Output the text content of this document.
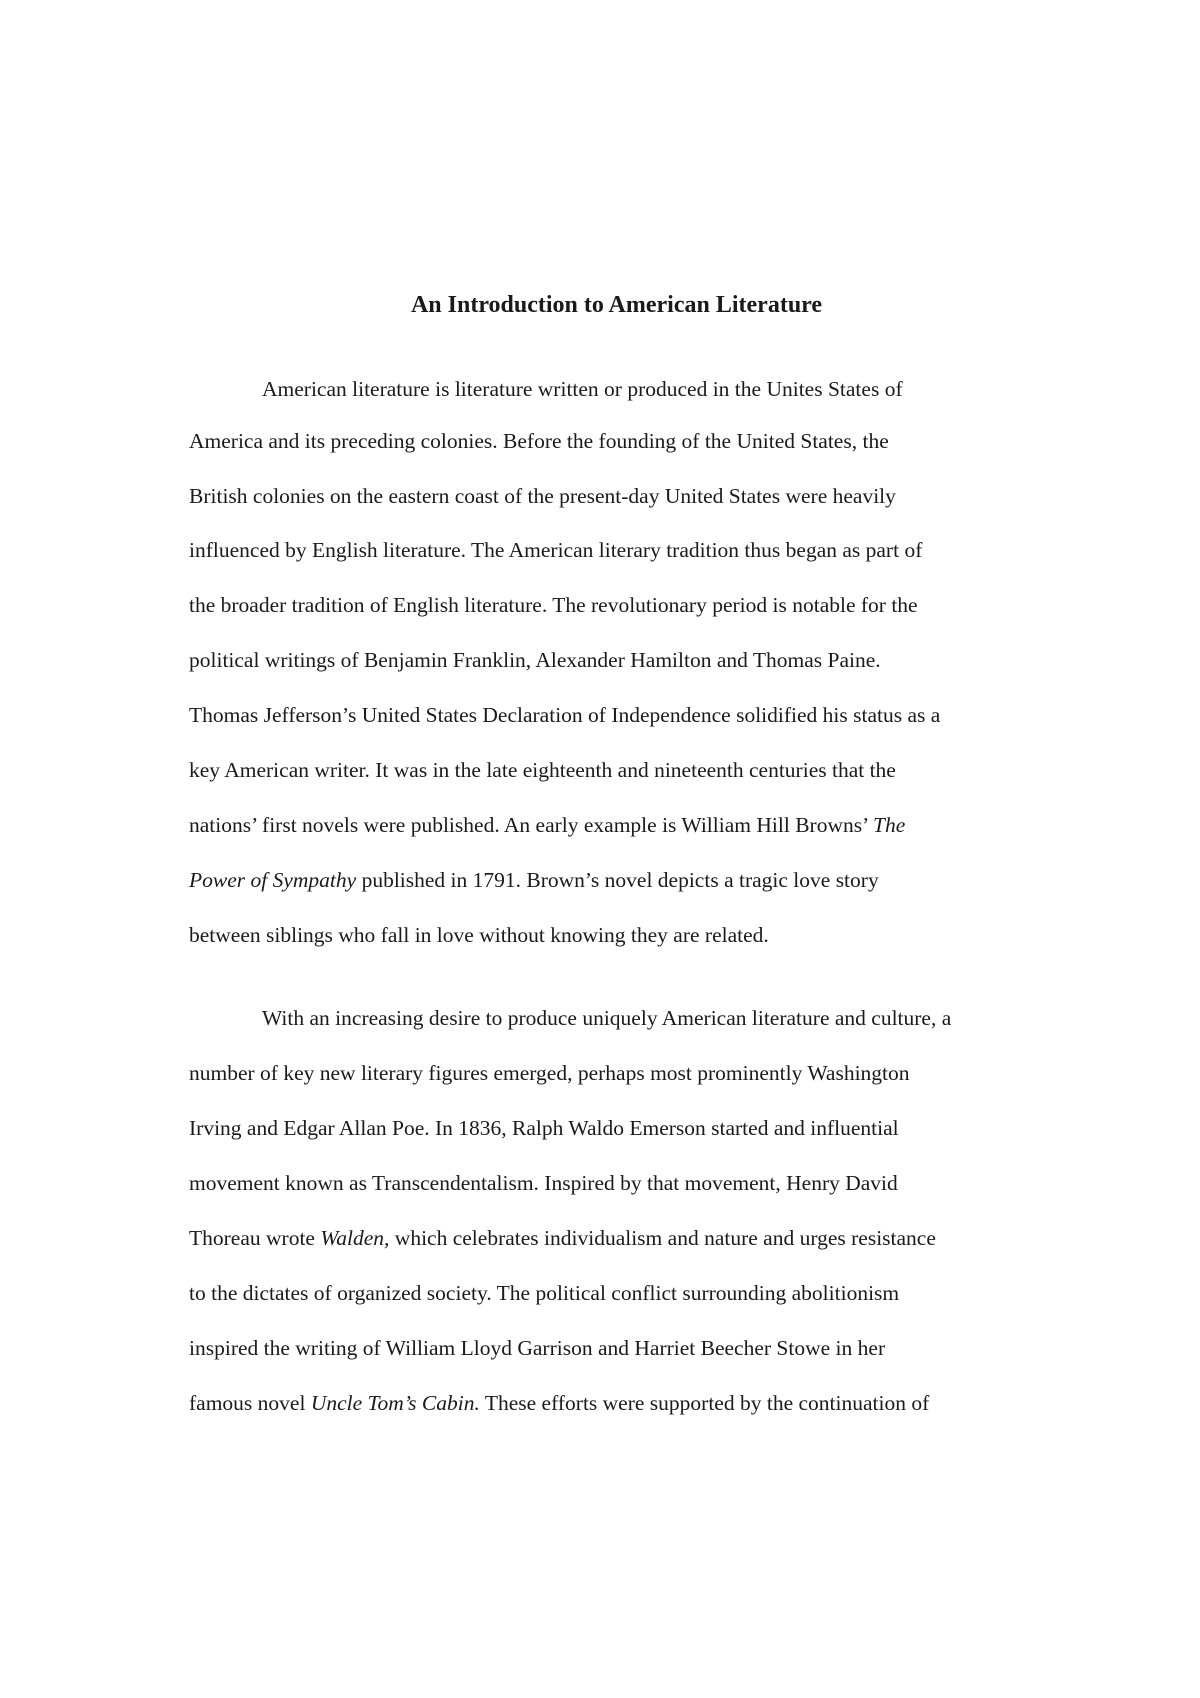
An Introduction to American Literature

American literature is literature written or produced in the Unites States of

America and its preceding colonies. Before the founding of the United States, the

British colonies on the eastern coast of the present-day United States were heavily

influenced by English literature. The American literary tradition thus began as part of

the broader tradition of English literature. The revolutionary period is notable for the

political writings of Benjamin Franklin, Alexander Hamilton and Thomas Paine.

Thomas Jefferson’s United States Declaration of Independence solidified his status as a

key American writer. It was in the late eighteenth and nineteenth centuries that the

nations’ first novels were published. An early example is William Hill Browns’ The

Power of Sympathy published in 1791. Brown’s novel depicts a tragic love story

between siblings who fall in love without knowing they are related.

With an increasing desire to produce uniquely American literature and culture, a

number of key new literary figures emerged, perhaps most prominently Washington

Irving and Edgar Allan Poe. In 1836, Ralph Waldo Emerson started and influential

movement known as Transcendentalism. Inspired by that movement, Henry David

Thoreau wrote Walden, which celebrates individualism and nature and urges resistance

to the dictates of organized society. The political conflict surrounding abolitionism

inspired the writing of William Lloyd Garrison and Harriet Beecher Stowe in her

famous novel Uncle Tom’s Cabin. These efforts were supported by the continuation of
